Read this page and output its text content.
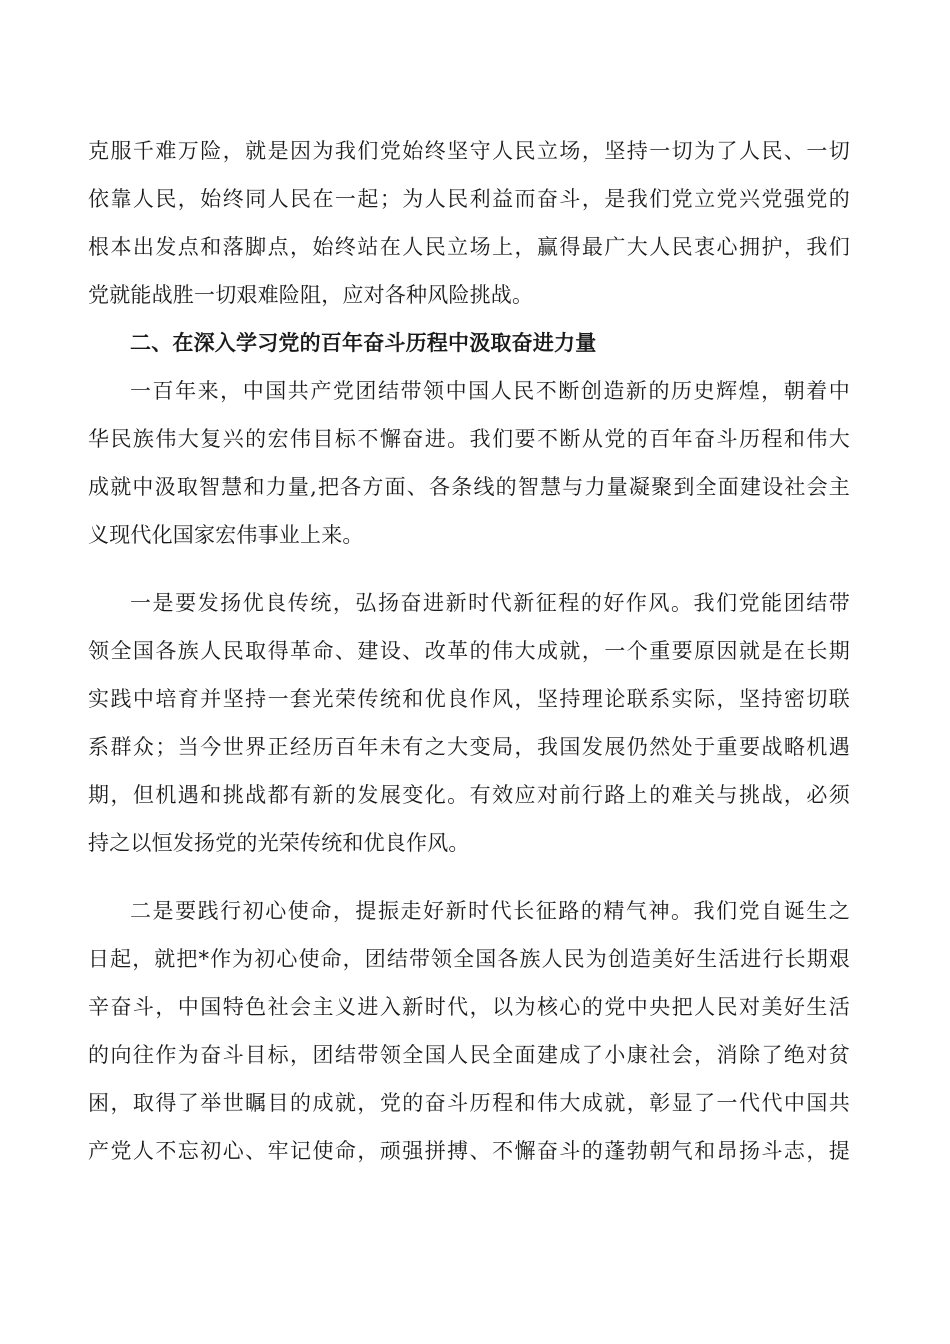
克服千难万险，就是因为我们党始终坚守人民立场，坚持一切为了人民、一切
依靠人民，始终同人民在一起；为人民利益而奋斗，是我们党立党兴党强党的
根本出发点和落脚点，始终站在人民立场上，赢得最广大人民衷心拥护，我们
党就能战胜一切艰难险阻，应对各种风险挑战。
二、在深入学习党的百年奋斗历程中汲取奋进力量
一百年来，中国共产党团结带领中国人民不断创造新的历史辉煌，朝着中
华民族伟大复兴的宏伟目标不懈奋进。我们要不断从党的百年奋斗历程和伟大
成就中汲取智慧和力量,把各方面、各条线的智慧与力量凝聚到全面建设社会主
义现代化国家宏伟事业上来。
一是要发扬优良传统，弘扬奋进新时代新征程的好作风。我们党能团结带
领全国各族人民取得革命、建设、改革的伟大成就，一个重要原因就是在长期
实践中培育并坚持一套光荣传统和优良作风，坚持理论联系实际，坚持密切联
系群众；当今世界正经历百年未有之大变局，我国发展仍然处于重要战略机遇
期，但机遇和挑战都有新的发展变化。有效应对前行路上的难关与挑战，必须
持之以恒发扬党的光荣传统和优良作风。
二是要践行初心使命，提振走好新时代长征路的精气神。我们党自诞生之
日起，就把*作为初心使命，团结带领全国各族人民为创造美好生活进行长期艰
辛奋斗，中国特色社会主义进入新时代，以为核心的党中央把人民对美好生活
的向往作为奋斗目标，团结带领全国人民全面建成了小康社会，消除了绝对贫
困，取得了举世瞩目的成就，党的奋斗历程和伟大成就，彰显了一代代中国共
产党人不忘初心、牢记使命，顽强拼搏、不懈奋斗的蓬勃朝气和昂扬斗志，提
